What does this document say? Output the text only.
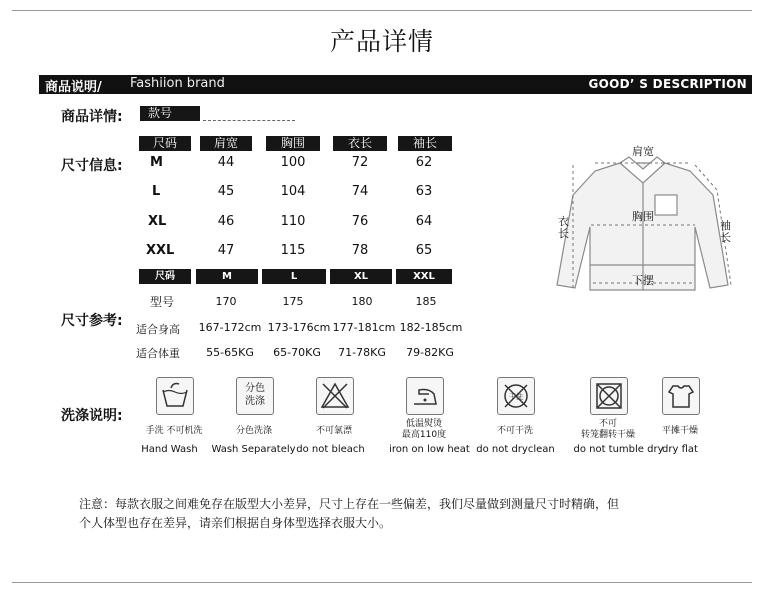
产品详情
商品说明/ Fashiion brand	GOOD’ S DESCRIPTION
商品详情:	款号
尺寸信息:
尺码	肩宽	胸围	衣长	袖长
M	44	100	72	62
L	45	104	74	63
XL	46	110	76	64
XXL	47	115	78	65
尺码	M	L	XL	XXL
尺寸参考:
型号	170	175	180	185
适合身高 167-172cm 173-176cm 177-181cm 182-185cm
适合体重	55-65KG	65-70KG	71-78KG	79-82KG
肩宽
胸围
下摆
衣长
袖长
洗涤说明:
手洗 不可机洗
Hand Wash
分色
洗涤
分色洗涤
Wash Separately
不可氯漂
do not bleach
低温熨烫
最高110度
iron on low heat
干洗
不可干洗
do not dryclean
不可
转笼翻转干燥
do not tumble dry
平摊干燥
dry flat
注意：每款衣服之间难免存在版型大小差异，尺寸上存在一些偏差，我们尽量做到测量尺寸时精确，但
个人体型也存在差异，请亲们根据自身体型选择衣服大小。
